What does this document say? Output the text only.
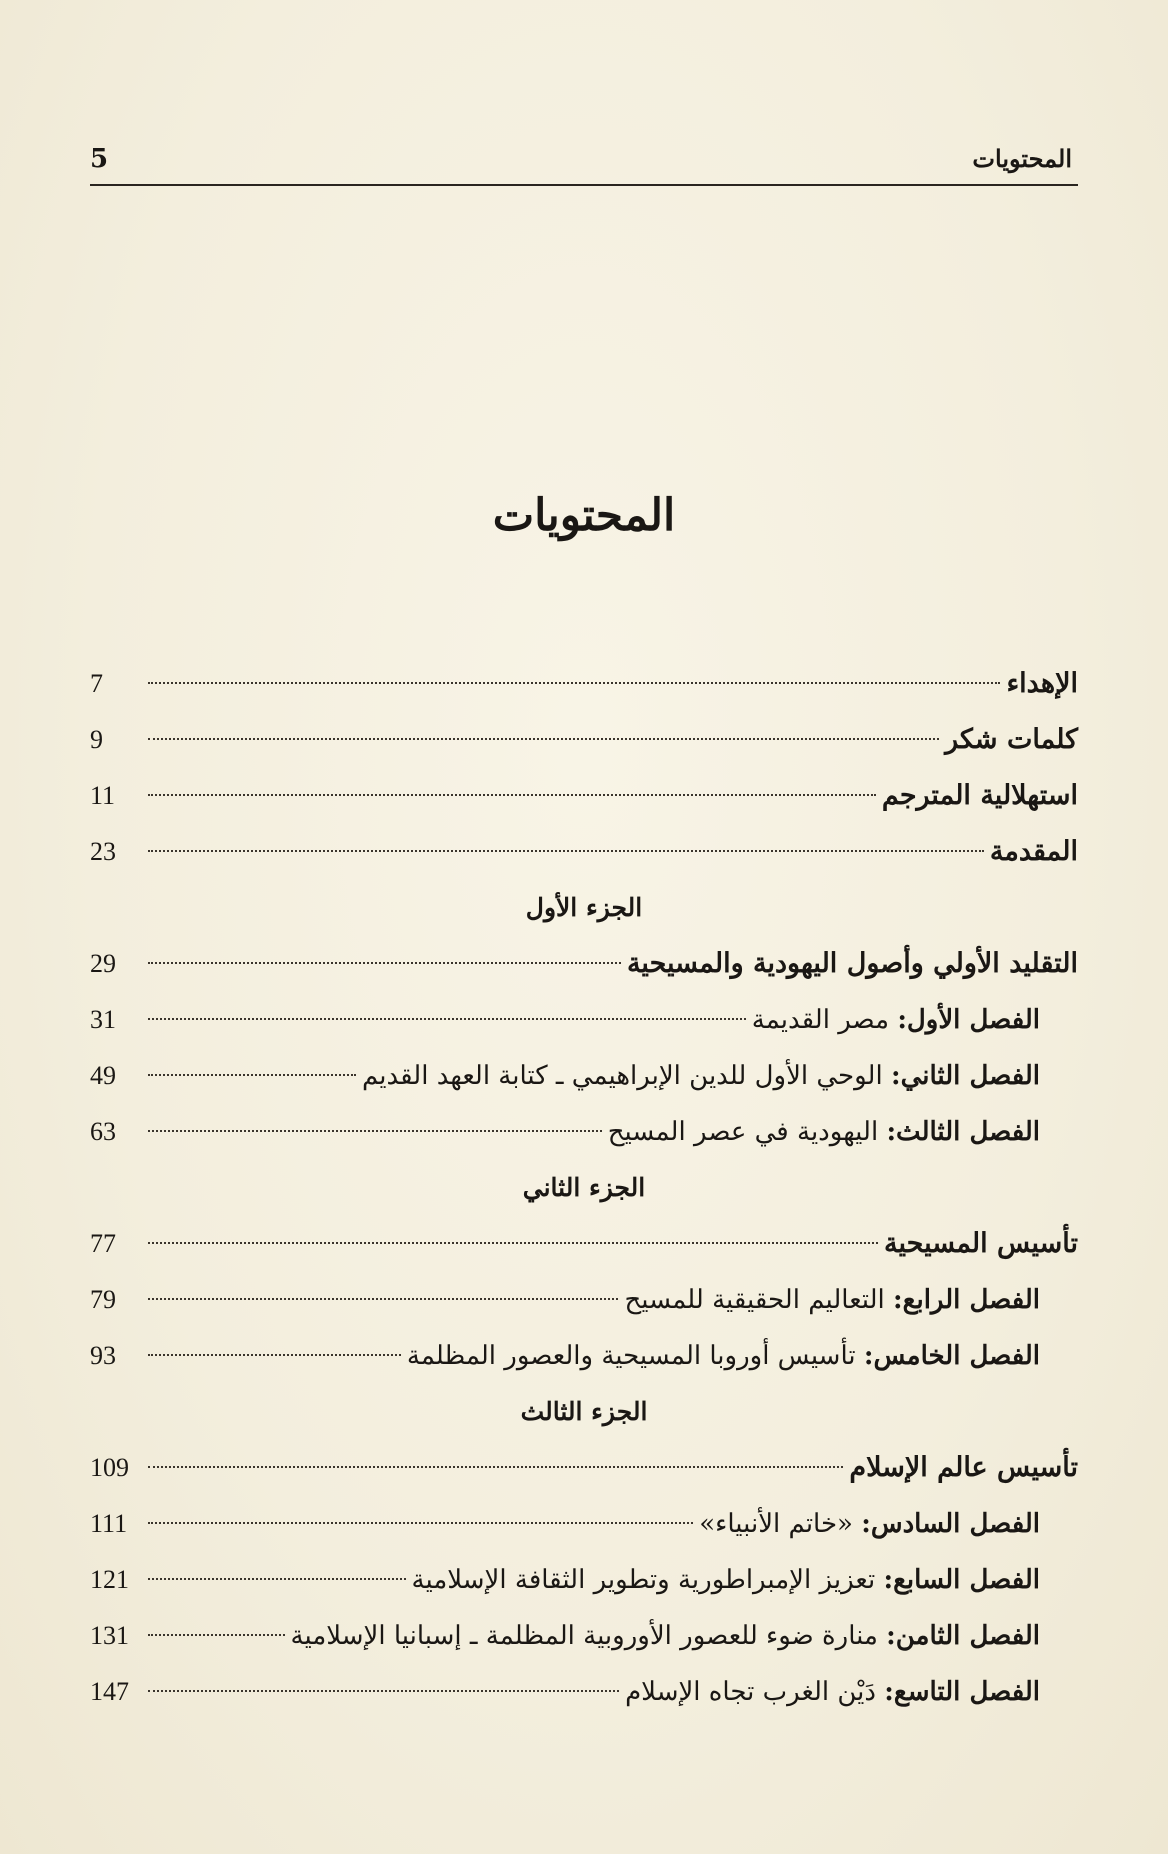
5	المحتويات
المحتويات
الإهداء
7
كلمات شكر
9
استهلالية المترجم
11
المقدمة
23
الجزء الأول
التقليد الأولي وأصول اليهودية والمسيحية
29
الفصل الأول: مصر القديمة
31
الفصل الثاني: الوحي الأول للدين الإبراهيمي ـ كتابة العهد القديم
49
الفصل الثالث: اليهودية في عصر المسيح
63
الجزء الثاني
تأسيس المسيحية
77
الفصل الرابع: التعاليم الحقيقية للمسيح
79
الفصل الخامس: تأسيس أوروبا المسيحية والعصور المظلمة
93
الجزء الثالث
تأسيس عالم الإسلام
109
الفصل السادس: «خاتم الأنبياء»
111
الفصل السابع: تعزيز الإمبراطورية وتطوير الثقافة الإسلامية
121
الفصل الثامن: منارة ضوء للعصور الأوروبية المظلمة ـ إسبانيا الإسلامية
131
الفصل التاسع: دَيْن الغرب تجاه الإسلام
147
